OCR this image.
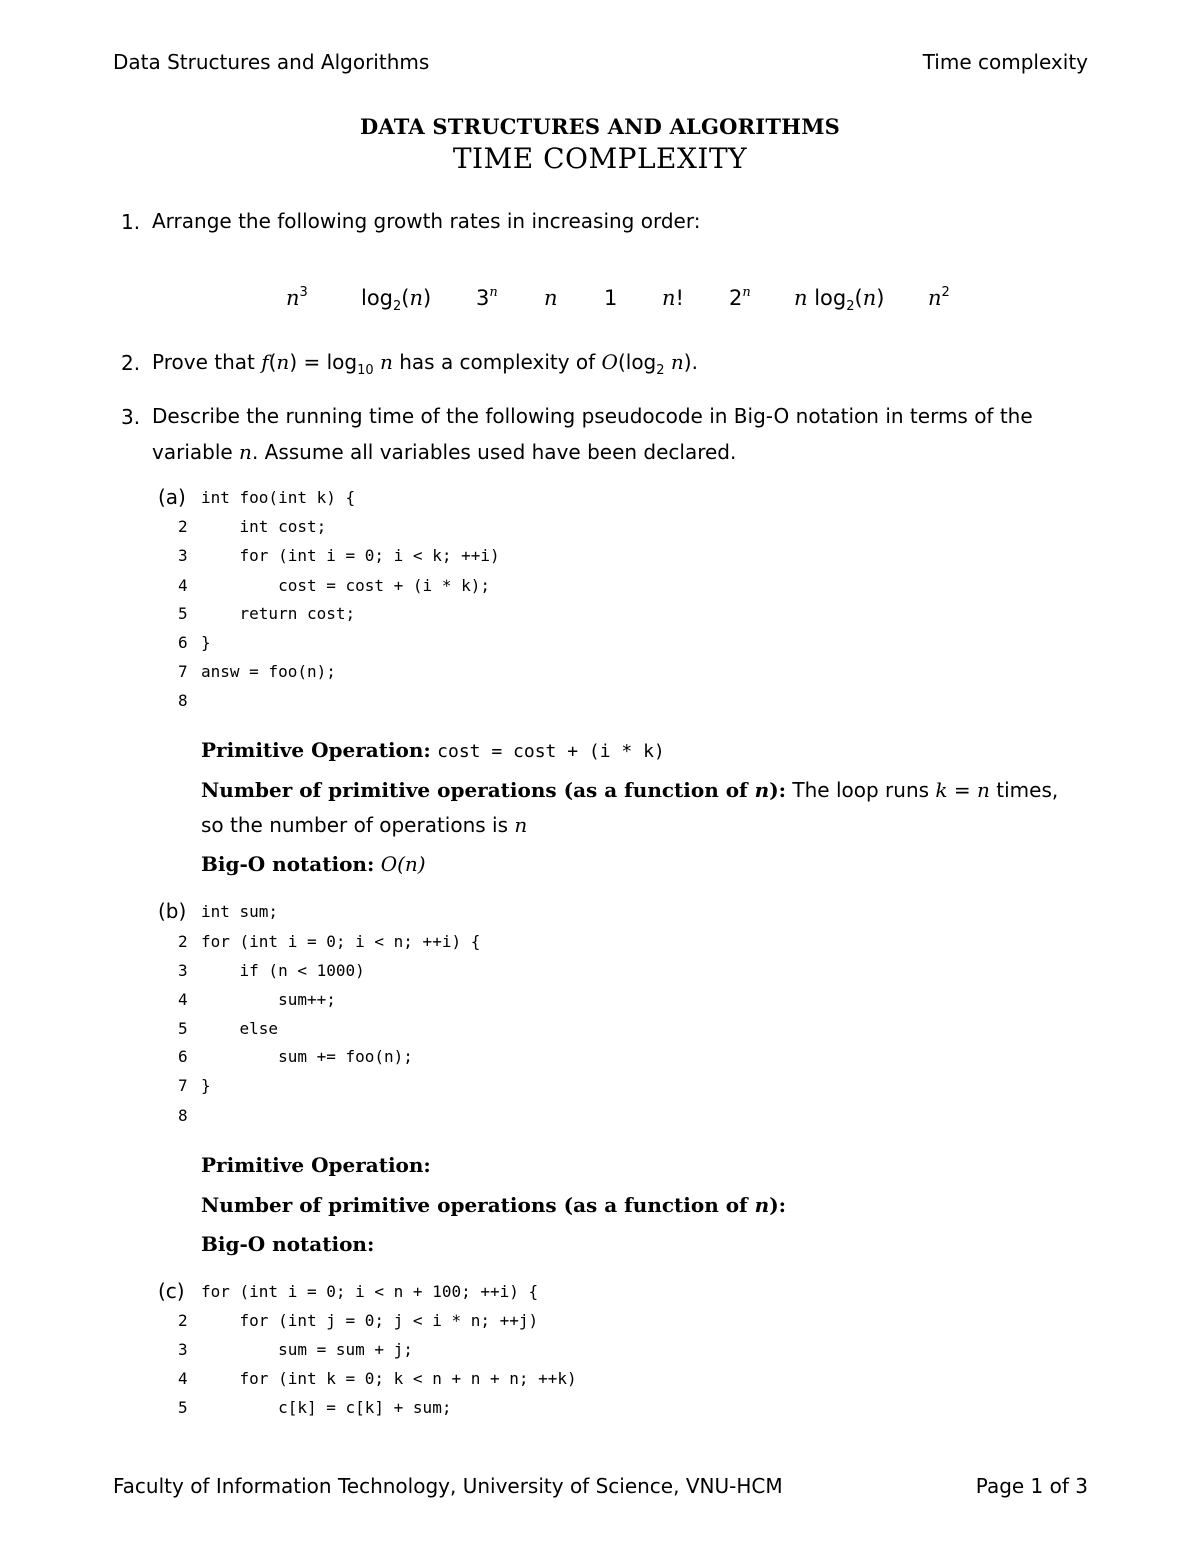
Data Structures and Algorithms	Time complexity
DATA STRUCTURES AND ALGORITHMS
TIME COMPLEXITY
1. Arrange the following growth rates in increasing order:
$n^3$	$\log_2(n)$ 3$^n$ n 1 n! 2$^n$ n $\log_2(n)$ $n^2$
2. Prove that $f(n) = \log_{10} n$ has a complexity of $O(\log_2$ n).
3. Describe the running time of the following pseudocode in Big-O notation in terms of the
variable n. Assume all variables used have been declared.
(a) int foo(int k) {
2 int cost;
3 for (int i = 0; i < k; ++i)
4 cost = cost + (i * k);
5 return cost;
6 }
7 answ = foo(n);
8
Primitive Operation: cost = cost + (i * k)
Number of primitive operations (as a function of n): The loop runs k = n times,
so the number of operations is n
Big-O notation: O(n)
(b) int sum;
2 for (int i = 0; i < n; ++i) {
3 if (n < 1000)
4 sum++;
5 else
6 sum += foo(n);
7 }
8
Primitive Operation:
Number of primitive operations (as a function of n):
Big-O notation:
(c) for (int i = 0; i < n + 100; ++i) {
2 for (int j = 0; j < i * n; ++j)
3 sum = sum + j;
4 for (int k = 0; k < n + n + n; ++k)
5 c[k] = c[k] + sum;
Faculty of Information Technology, University of Science, VNU-HCM	Page 1 of 3
